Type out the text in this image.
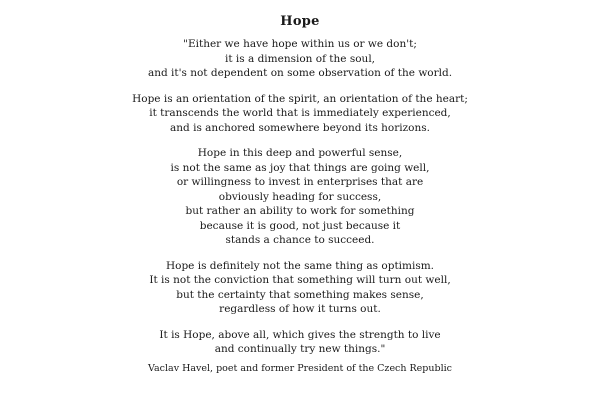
Hope
"Either we have hope within us or we don't;
it is a dimension of the soul,
and it's not dependent on some observation of the world.
Hope is an orientation of the spirit, an orientation of the heart;
it transcends the world that is immediately experienced,
and is anchored somewhere beyond its horizons.
Hope in this deep and powerful sense,
is not the same as joy that things are going well,
or willingness to invest in enterprises that are
obviously heading for success,
but rather an ability to work for something
because it is good, not just because it
stands a chance to succeed.
Hope is definitely not the same thing as optimism.
It is not the conviction that something will turn out well,
but the certainty that something makes sense,
regardless of how it turns out.
It is Hope, above all, which gives the strength to live
and continually try new things."
Vaclav Havel, poet and former President of the Czech Republic
